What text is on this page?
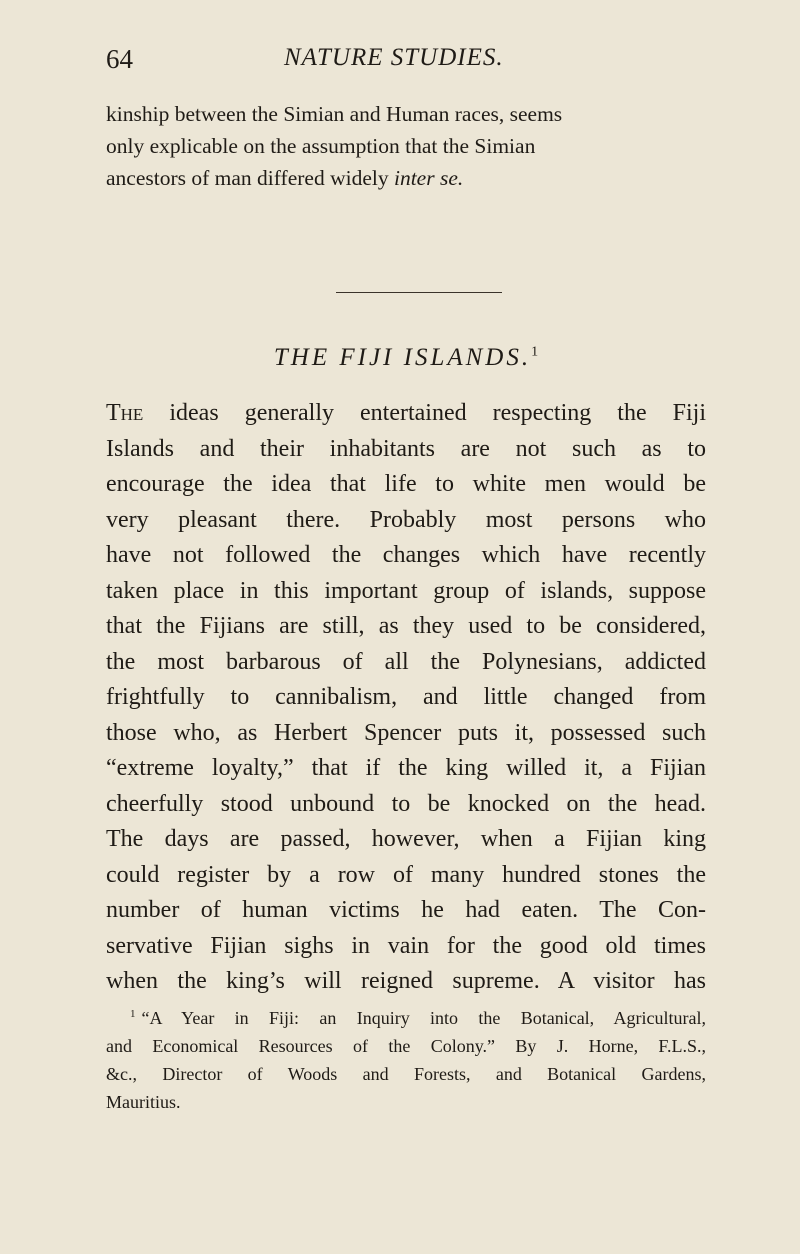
64	NATURE STUDIES.
kinship between the Simian and Human races, seems
only explicable on the assumption that the Simian
ancestors of man differed widely inter se.
THE FIJI ISLANDS.$^1$
The ideas generally entertained respecting the Fiji
Islands and their inhabitants are not such as to
encourage the idea that life to white men would be
very pleasant there. Probably most persons who
have not followed the changes which have recently
taken place in this important group of islands, suppose
that the Fijians are still, as they used to be considered,
the most barbarous of all the Polynesians, addicted
frightfully to cannibalism, and little changed from
those who, as Herbert Spencer puts it, possessed such
“extreme loyalty,” that if the king willed it, a Fijian
cheerfully stood unbound to be knocked on the head.
The days are passed, however, when a Fijian king
could register by a row of many hundred stones the
number of human victims he had eaten. The Con-
servative Fijian sighs in vain for the good old times
when the king’s will reigned supreme. A visitor has
$^1$ “A Year in Fiji: an Inquiry into the Botanical, Agricultural,
and Economical Resources of the Colony.” By J. Horne, F.L.S.,
&c., Director of Woods and Forests, and Botanical Gardens,
Mauritius.
